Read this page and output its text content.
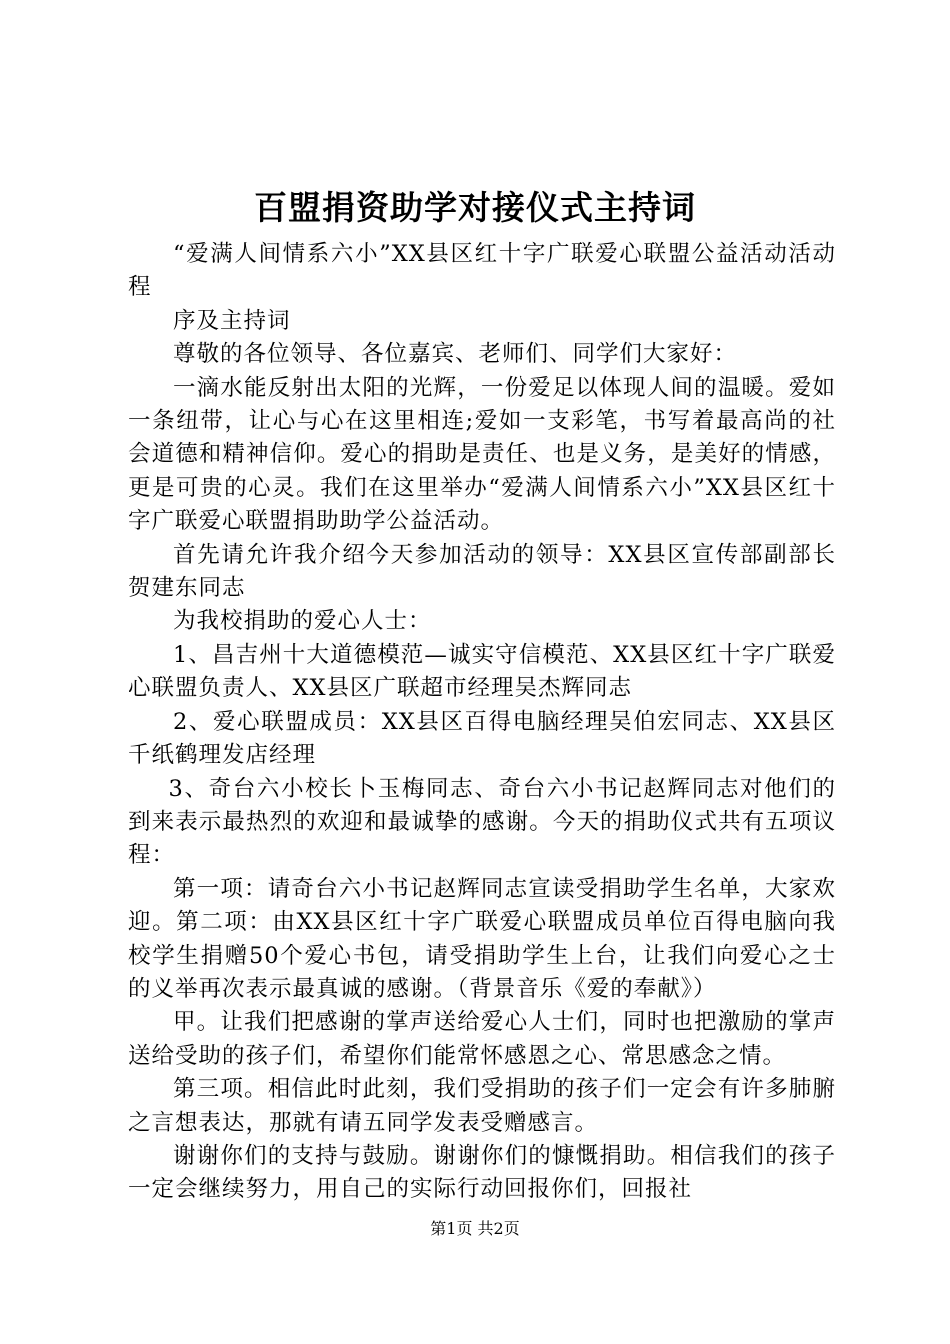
百盟捐资助学对接仪式主持词

“爱满人间情系六小”XX县区红十字广联爱心联盟公益活动活动程

序及主持词

尊敬的各位领导、各位嘉宾、老师们、同学们大家好：

一滴水能反射出太阳的光辉，一份爱足以体现人间的温暖。爱如一条纽带，让心与心在这里相连;爱如一支彩笔，书写着最高尚的社会道德和精神信仰。爱心的捐助是责任、也是义务，是美好的情感，更是可贵的心灵。我们在这里举办“爱满人间情系六小”XX县区红十字广联爱心联盟捐助助学公益活动。

首先请允许我介绍今天参加活动的领导：XX县区宣传部副部长贺建东同志

为我校捐助的爱心人士：

1、昌吉州十大道德模范—诚实守信模范、XX县区红十字广联爱心联盟负责人、XX县区广联超市经理吴杰辉同志

2、爱心联盟成员：XX县区百得电脑经理吴伯宏同志、XX县区千纸鹤理发店经理

3、奇台六小校长卜玉梅同志、奇台六小书记赵辉同志对他们的到来表示最热烈的欢迎和最诚挚的感谢。今天的捐助仪式共有五项议程：

第一项：请奇台六小书记赵辉同志宣读受捐助学生名单，大家欢迎。第二项：由XX县区红十字广联爱心联盟成员单位百得电脑向我校学生捐赠50个爱心书包，请受捐助学生上台，让我们向爱心之士的义举再次表示最真诚的感谢。（背景音乐《爱的奉献》）

甲。让我们把感谢的掌声送给爱心人士们，同时也把激励的掌声送给受助的孩子们，希望你们能常怀感恩之心、常思感念之情。

第三项。相信此时此刻，我们受捐助的孩子们一定会有许多肺腑之言想表达，那就有请五同学发表受赠感言。

谢谢你们的支持与鼓励。谢谢你们的慷慨捐助。相信我们的孩子一定会继续努力，用自己的实际行动回报你们，回报社

第1页 共2页
